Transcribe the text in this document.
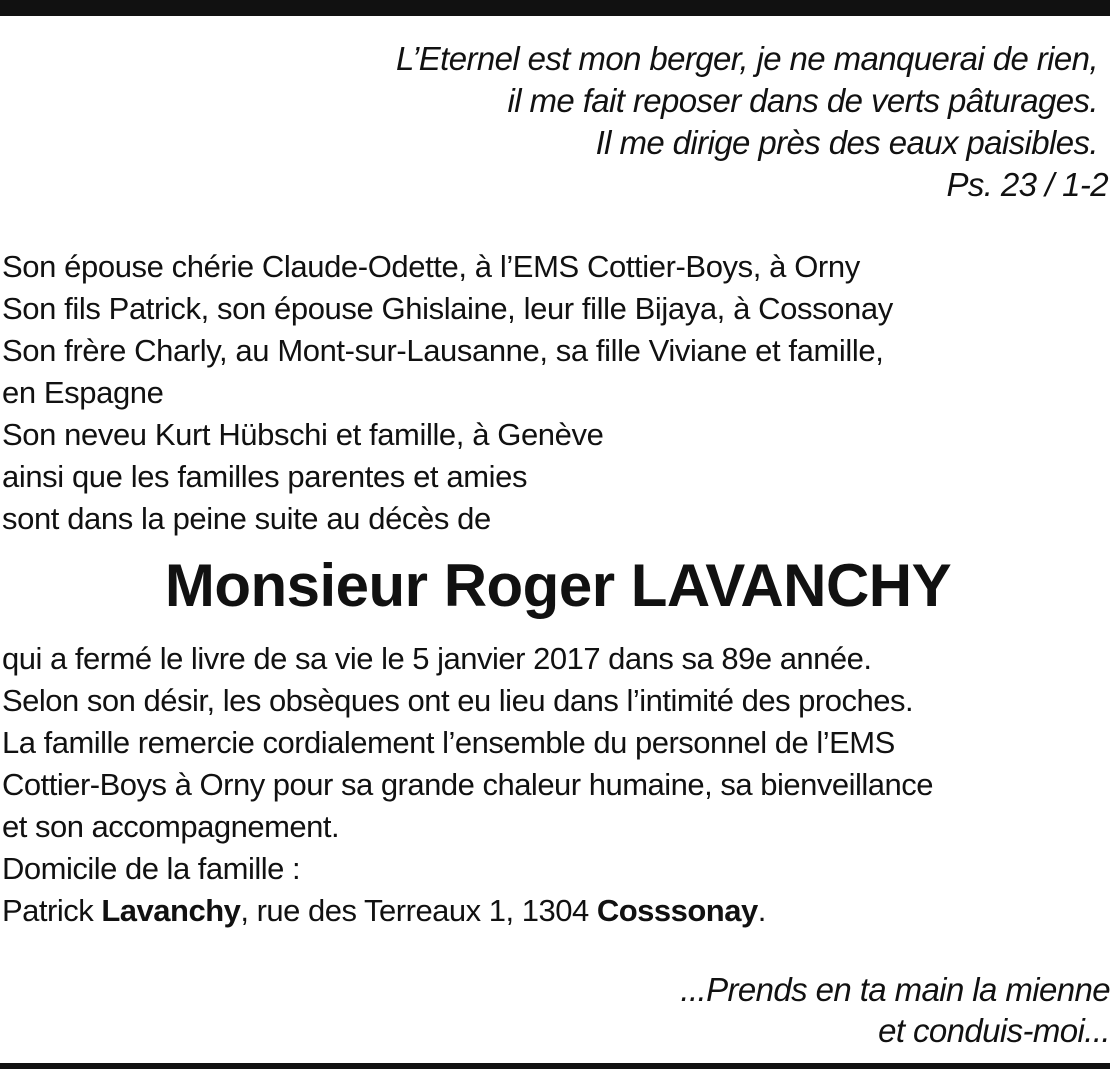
L’Eternel est mon berger, je ne manquerai de rien,
il me fait reposer dans de verts pâturages.
Il me dirige près des eaux paisibles.
Ps. 23 / 1-2
Son épouse chérie Claude-Odette, à l’EMS Cottier-Boys, à Orny
Son fils Patrick, son épouse Ghislaine, leur fille Bijaya, à Cossonay
Son frère Charly, au Mont-sur-Lausanne, sa fille Viviane et famille,
en Espagne
Son neveu Kurt Hübschi et famille, à Genève
ainsi que les familles parentes et amies
sont dans la peine suite au décès de
Monsieur Roger LAVANCHY
qui a fermé le livre de sa vie le 5 janvier 2017 dans sa 89e année.
Selon son désir, les obsèques ont eu lieu dans l’intimité des proches.
La famille remercie cordialement l’ensemble du personnel de l’EMS
Cottier-Boys à Orny pour sa grande chaleur humaine, sa bienveillance
et son accompagnement.
Domicile de la famille :
Patrick Lavanchy, rue des Terreaux 1, 1304 Cosssonay.
...Prends en ta main la mienne
et conduis-moi...
